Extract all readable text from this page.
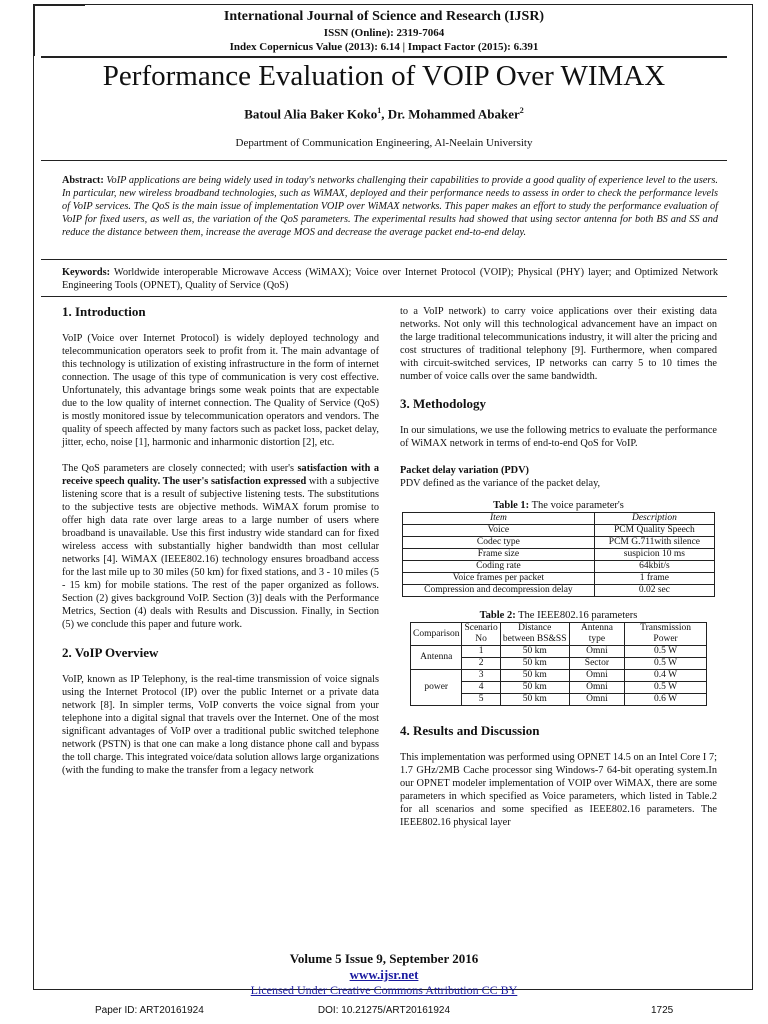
International Journal of Science and Research (IJSR)
ISSN (Online): 2319-7064
Index Copernicus Value (2013): 6.14 | Impact Factor (2015): 6.391
Performance Evaluation of VOIP Over WIMAX
Batoul Alia Baker Koko$^1$, Dr. Mohammed Abaker$^2$
Department of Communication Engineering, Al-Neelain University
Abstract: VoIP applications are being widely used in today's networks challenging their capabilities to provide a good quality of experience level to the users. In particular, new wireless broadband technologies, such as WiMAX, deployed and their performance needs to assess in order to check the performance levels of VoIP services. The QoS is the main issue of implementation VOIP over WiMAX networks. This paper makes an effort to study the performance evaluation of VoIP for fixed users, as well as, the variation of the QoS parameters. The experimental results had showed that using sector antenna for both BS and SS and reduce the distance between them, increase the average MOS and decrease the average packet end-to-end delay.
Keywords: Worldwide interoperable Microwave Access (WiMAX); Voice over Internet Protocol (VOIP); Physical (PHY) layer; and Optimized Network Engineering Tools (OPNET), Quality of Service (QoS)
1. Introduction

VoIP (Voice over Internet Protocol) is widely deployed technology and telecommunication operators seek to profit from it. The main advantage of this technology is utilization of existing infrastructure in the form of internet connection. The usage of this type of communication is very cost effective. Unfortunately, this advantage brings some weak points that are expectable due to the low quality of internet connection. The Quality of Service (QoS) is mostly monitored issue by telecommunication operators and vendors. The quality of speech affected by many factors such as packet loss, packet delay, jitter, echo, noise [1], harmonic and inharmonic distortion [2], etc.

The QoS parameters are closely connected; with user's satisfaction with a receive speech quality. The user's satisfaction expressed with a subjective listening score that is a result of subjective listening tests. The substitutions to the subjective tests are objective methods. WiMAX forum promise to offer high data rate over large areas to a large number of users where broadband is unavailable. Use this first industry wide standard can for fixed wireless access with substantially higher bandwidth than most cellular networks [4]. WiMAX (IEEE802.16) technology ensures broadband access for the last mile up to 30 miles (50 km) for fixed stations, and 3 - 10 miles (5 - 15 km) for mobile stations. The rest of the paper organized as follows. Section (2) gives background VoIP. Section (3)] deals with the Performance Metrics, Section (4) deals with Results and Discussion. Finally, in Section (5) we conclude this paper and future work.

2. VoIP Overview

VoIP, known as IP Telephony, is the real-time transmission of voice signals using the Internet Protocol (IP) over the public Internet or a private data network [8]. In simpler terms, VoIP converts the voice signal from your telephone into a digital signal that travels over the Internet. One of the most significant advantages of VoIP over a traditional public switched telephone network (PSTN) is that one can make a long distance phone call and bypass the toll charge. This integrated voice/data solution allows large organizations (with the funding to make the transfer from a legacy network

to a VoIP network) to carry voice applications over their existing data networks. Not only will this technological advancement have an impact on the large traditional telecommunications industry, it will alter the pricing and cost structures of traditional telephony [9]. Furthermore, when compared with circuit-switched services, IP networks can carry 5 to 10 times the number of voice calls over the same bandwidth.

3. Methodology

In our simulations, we use the following metrics to evaluate the performance of WiMAX network in terms of end-to-end QoS for VoIP.

Packet delay variation (PDV)
PDV defined as the variance of the packet delay,
Table 1: The voice parameter's
Item	Description
Voice	PCM Quality Speech
Codec type	PCM G.711with silence
Frame size	suspicion 10 ms
Coding rate	64kbit/s
Voice frames per packet	1 frame
Compression and decompression delay	0.02 sec
Table 2: The IEEE802.16 parameters
Comparison	Scenario No	Distance between BS&SS	Antenna type	Transmission Power
Antenna	1	50 km	Omni	0.5 W
	2	50 km	Sector	0.5 W
power	3	50 km	Omni	0.4 W
	4	50 km	Omni	0.5 W
	5	50 km	Omni	0.6 W
4. Results and Discussion

This implementation was performed using OPNET 14.5 on an Intel Core I 7; 1.7 GHz/2MB Cache processor sing Windows-7 64-bit operating system.In our OPNET modeler implementation of VOIP over WiMAX, there are some parameters in which specified as Voice parameters, which listed in Table.2 for all scenarios and some specified as IEEE802.16 parameters. The IEEE802.16 physical layer

Volume 5 Issue 9, September 2016
www.ijsr.net
Licensed Under Creative Commons Attribution CC BY
Paper ID: ART20161924	DOI: 10.21275/ART20161924	1725
